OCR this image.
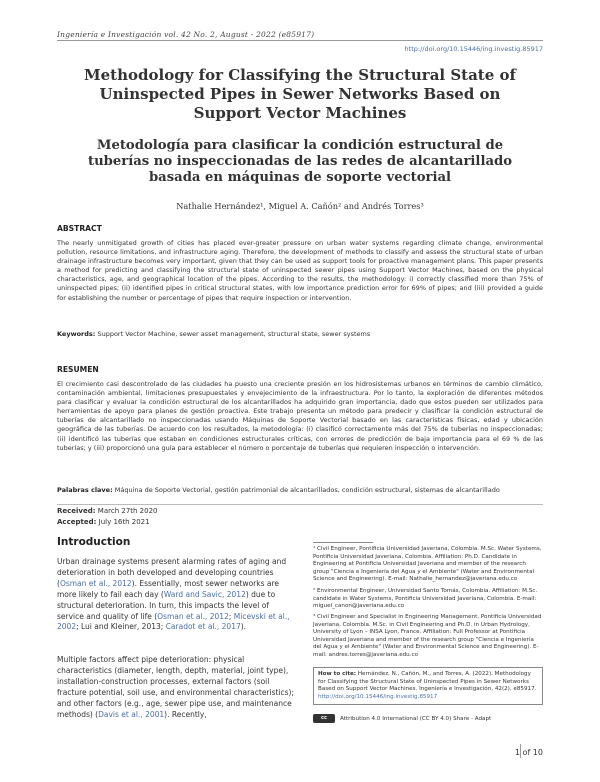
Ingeniería e Investigación vol. 42 No. 2, August - 2022 (e85917)
http://doi.org/10.15446/ing.investig.85917
Methodology for Classifying the Structural State of Uninspected Pipes in Sewer Networks Based on Support Vector Machines
Metodología para clasificar la condición estructural de tuberías no inspeccionadas de las redes de alcantarillado basada en máquinas de soporte vectorial
Nathalie Hernández¹, Miguel A. Cañón² and Andrés Torres³
ABSTRACT
The nearly unmitigated growth of cities has placed ever-greater pressure on urban water systems regarding climate change, environmental pollution, resource limitations, and infrastructure aging. Therefore, the development of methods to classify and assess the structural state of urban drainage infrastructure becomes very important, given that they can be used as support tools for proactive management plans. This paper presents a method for predicting and classifying the structural state of uninspected sewer pipes using Support Vector Machines, based on the physical characteristics, age, and geographical location of the pipes. According to the results, the methodology: i) correctly classified more than 75% of uninspected pipes; (ii) identified pipes in critical structural states, with low importance prediction error for 69% of pipes; and (iii) provided a guide for establishing the number or percentage of pipes that require inspection or intervention.
Keywords: Support Vector Machine, sewer asset management, structural state, sewer systems
RESUMEN
El crecimiento casi descontrolado de las ciudades ha puesto una creciente presión en los hidrosistemas urbanos en términos de cambio climático, contaminación ambiental, limitaciones presupuestales y envejecimiento de la infraestructura. Por lo tanto, la exploración de diferentes métodos para clasificar y evaluar la condición estructural de los alcantarillados ha adquirido gran importancia, dado que estos pueden ser utilizados para herramientas de apoyo para planes de gestión proactiva. Este trabajo presenta un método para predecir y clasificar la condición estructural de tuberías de alcantarillado no inspeccionadas usando Máquinas de Soporte Vectorial basado en las características físicas, edad y ubicación geográfica de las tuberías. De acuerdo con los resultados, la metodología: (i) clasificó correctamente más del 75% de tuberías no inspeccionadas; (ii) identificó las tuberías que estaban en condiciones estructurales críticas, con errores de predicción de baja importancia para el 69 % de las tuberías; y (iii) proporcionó una guía para establecer el número o porcentaje de tuberías que requieren inspección o intervención.
Palabras clave: Máquina de Soporte Vectorial, gestión patrimonial de alcantarillados, condición estructural, sistemas de alcantarillado
Received: March 27th 2020
Accepted: July 16th 2021
Introduction
Urban drainage systems present alarming rates of aging and deterioration in both developed and developing countries (Osman et al., 2012). Essentially, most sewer networks are more likely to fail each day (Ward and Savic, 2012) due to structural deterioration. In turn, this impacts the level of service and quality of life (Osman et al., 2012; Micevski et al., 2002; Lui and Kleiner, 2013; Caradot et al., 2017).
Multiple factors affect pipe deterioration: physical characteristics (diameter, length, depth, material, joint type), installation-construction processes, external factors (soil fracture potential, soil use, and environmental characteristics); and other factors (e.g., age, sewer pipe use, and maintenance methods) (Davis et al., 2001). Recently,
¹ Civil Engineer, Pontificia Universidad Javeriana, Colombia. M.Sc. Water Systems, Pontificia Universidad Javeriana, Colombia. Affiliation: Ph.D. Candidate in Engineering at Pontificia Universidad Javeriana and member of the research group "Ciencia e Ingeniería del Agua y el Ambiente" (Water and Environmental Science and Engineering). E-mail: Nathalie_hernandez@javeriana.edu.co
² Environmental Engineer, Universidad Santo Tomás, Colombia. Affiliation: M.Sc. candidate in Water Systems, Pontificia Universidad Javeriana, Colombia. E-mail: miguel_canon@javeriana.edu.co
³ Civil Engineer and Specialist in Engineering Management, Pontificia Universidad Javeriana, Colombia. M.Sc. in Civil Engineering and Ph.D. in Urban Hydrology, University of Lyon – INSA Lyon, France. Affiliation: Full Professor at Pontificia Universidad Javeriana and member of the research group "Ciencia e Ingeniería del Agua y el Ambiente" (Water and Environmental Science and Engineering). E-mail: andres.torres@javeriana.edu.co
How to cite: Hernández, N., Cañón, M., and Torres, A. (2022). Methodology for Classifying the Structural State of Uninspected Pipes in Sewer Networks Based on Support Vector Machines. Ingeniería e Investigación, 42(2), e85917. http://doi.org/10.15446/ing.investig.85917
cc	Attribution 4.0 International (CC BY 4.0) Share - Adapt
1 of 10
